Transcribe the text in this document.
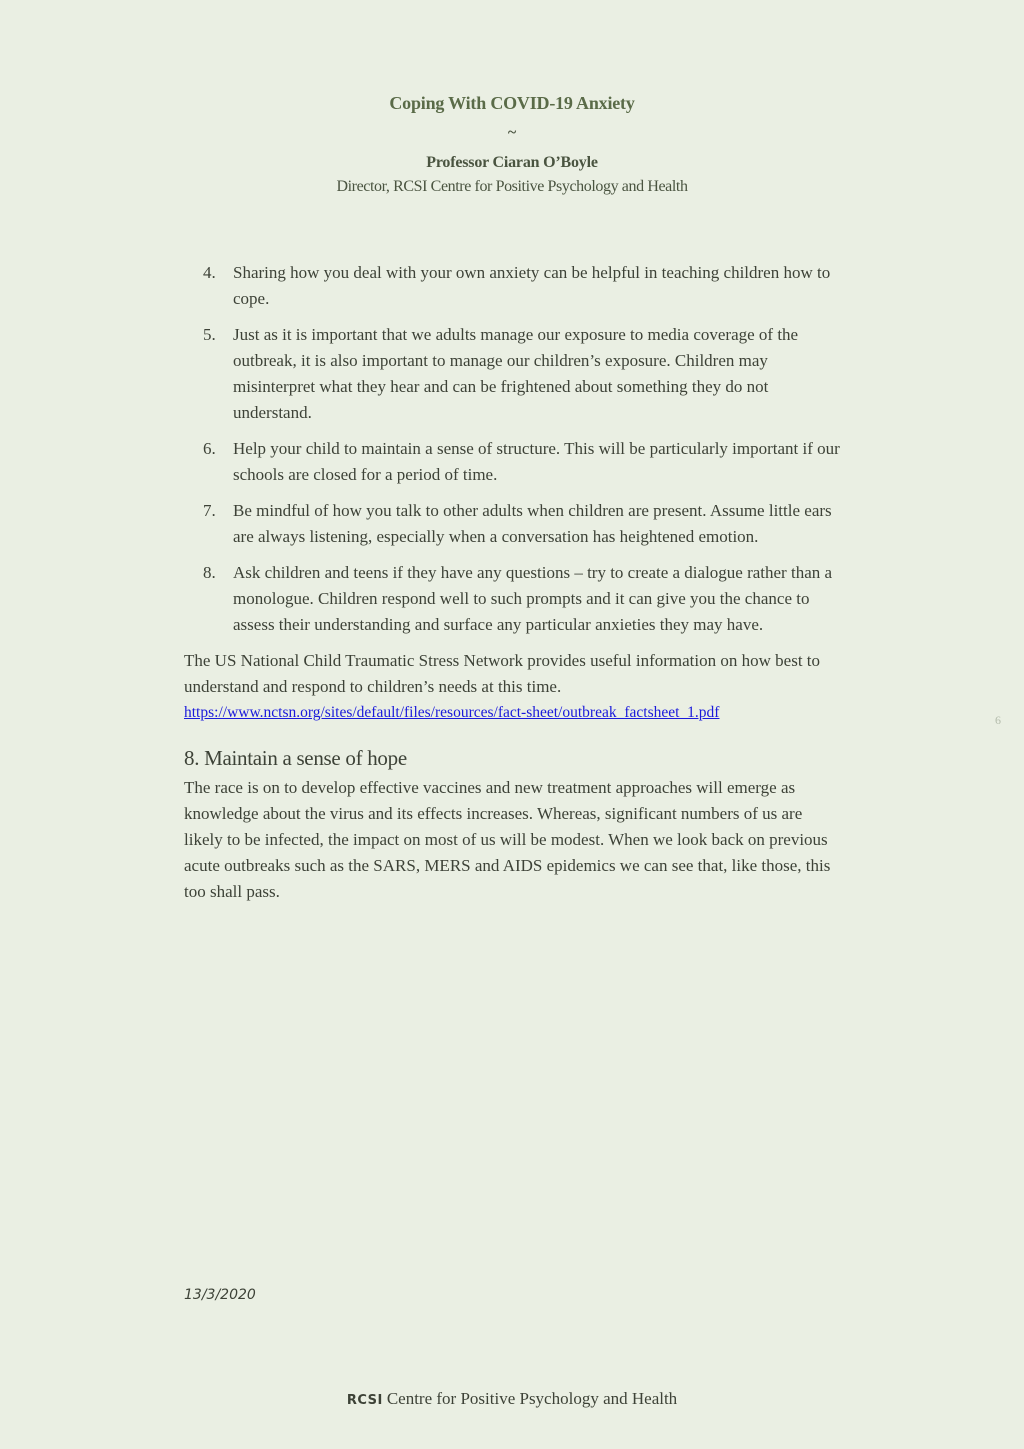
Coping With COVID-19 Anxiety
~
Professor Ciaran O’Boyle
Director, RCSI Centre for Positive Psychology and Health
4. Sharing how you deal with your own anxiety can be helpful in teaching children how to cope.
5. Just as it is important that we adults manage our exposure to media coverage of the outbreak, it is also important to manage our children’s exposure. Children may misinterpret what they hear and can be frightened about something they do not understand.
6. Help your child to maintain a sense of structure. This will be particularly important if our schools are closed for a period of time.
7. Be mindful of how you talk to other adults when children are present. Assume little ears are always listening, especially when a conversation has heightened emotion.
8. Ask children and teens if they have any questions – try to create a dialogue rather than a monologue. Children respond well to such prompts and it can give you the chance to assess their understanding and surface any particular anxieties they may have.

The US National Child Traumatic Stress Network provides useful information on how best to understand and respond to children’s needs at this time.

https://www.nctsn.org/sites/default/files/resources/fact-sheet/outbreak_factsheet_1.pdf
8. Maintain a sense of hope

The race is on to develop effective vaccines and new treatment approaches will emerge as knowledge about the virus and its effects increases. Whereas, significant numbers of us are likely to be infected, the impact on most of us will be modest. When we look back on previous acute outbreaks such as the SARS, MERS and AIDS epidemics we can see that, like those, this too shall pass.

6
13/3/2020
RCSI Centre for Positive Psychology and Health
